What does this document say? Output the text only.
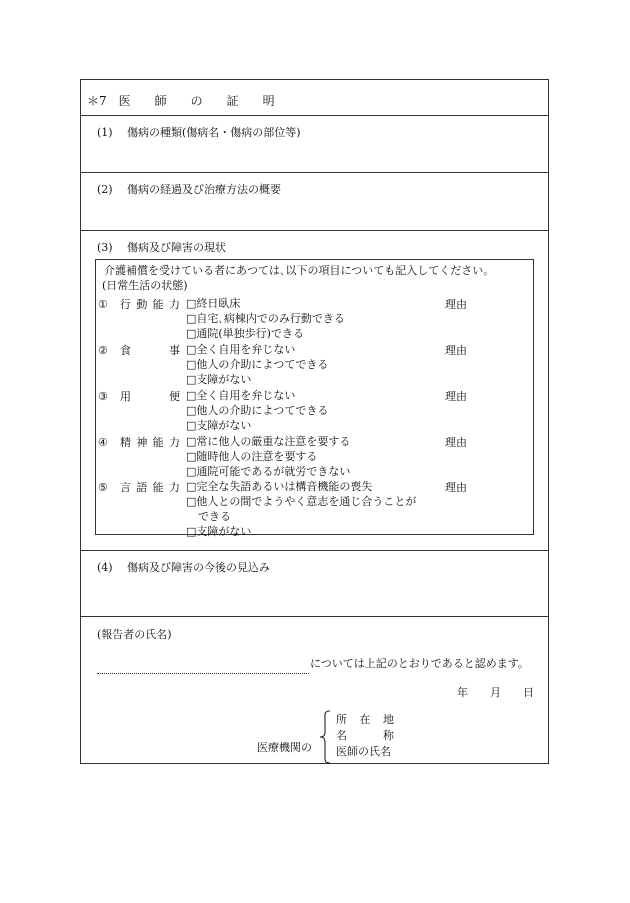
＊7　医　　師　　の　　証　　明
(1) 傷病の種類(傷病名・傷病の部位等)
(2) 傷病の経過及び治療方法の概要
(3) 傷病及び障害の現状
介護補償を受けている者にあつては､以下の項目についても記入してください。
(日常生活の状態)
① 行動能力 □終日臥床
□自宅､病棟内でのみ行動できる
□通院(単独歩行)できる
理由
② 食事 □全く自用を弁じない
□他人の介助によつてできる
□支障がない
理由
③ 用便 □全く自用を弁じない
□他人の介助によつてできる
□支障がない
理由
④ 精神能力 □常に他人の厳重な注意を要する
□随時他人の注意を要する
□通院可能であるが就労できない
理由
⑤ 言語能力 □完全な失語あるいは構音機能の喪失
□他人との間でようやく意志を通じ合うことが
できる
□支障がない
理由
(4) 傷病及び障害の今後の見込み
(報告者の氏名)
については上記のとおりであると認めます。
年 月 日
医療機関の
所在地
名称
医師の氏名
